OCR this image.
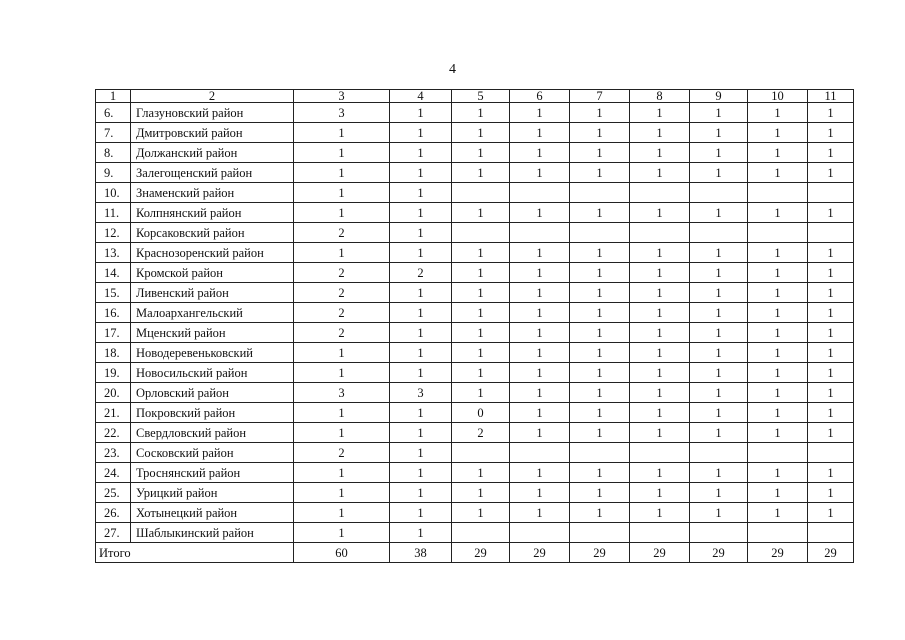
4
1	2	3	4	5	6	7	8	9	10	11
6.	Глазуновский район	3	1	1	1	1	1	1	1	1
7.	Дмитровский район	1	1	1	1	1	1	1	1	1
8.	Должанский район	1	1	1	1	1	1	1	1	1
9.	Залегощенский район	1	1	1	1	1	1	1	1	1
10.	Знаменский район	1	1							
11.	Колпнянский район	1	1	1	1	1	1	1	1	1
12.	Корсаковский район	2	1							
13.	Краснозоренский район	1	1	1	1	1	1	1	1	1
14.	Кромской район	2	2	1	1	1	1	1	1	1
15.	Ливенский район	2	1	1	1	1	1	1	1	1
16.	Малоархангельский	2	1	1	1	1	1	1	1	1
17.	Мценский район	2	1	1	1	1	1	1	1	1
18.	Новодеревеньковский	1	1	1	1	1	1	1	1	1
19.	Новосильский район	1	1	1	1	1	1	1	1	1
20.	Орловский район	3	3	1	1	1	1	1	1	1
21.	Покровский район	1	1	0	1	1	1	1	1	1
22.	Свердловский район	1	1	2	1	1	1	1	1	1
23.	Сосковский район	2	1							
24.	Троснянский район	1	1	1	1	1	1	1	1	1
25.	Урицкий район	1	1	1	1	1	1	1	1	1
26.	Хотынецкий район	1	1	1	1	1	1	1	1	1
27.	Шаблыкинский район	1	1							
Итого		60	38	29	29	29	29	29	29	29
